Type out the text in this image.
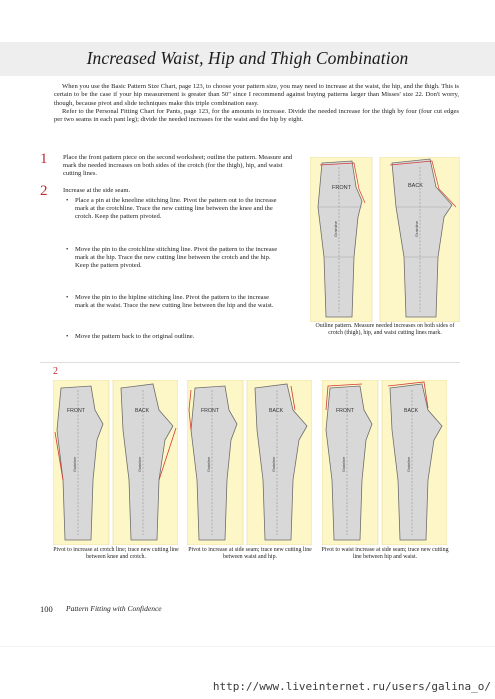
Increased Waist, Hip and Thigh Combination

When you use the Basic Pattern Size Chart, page 123, to choose your pattern size, you may need to increase at the waist, the hip, and the thigh. This is certain to be the case if your hip measurement is greater than 50" since I recommend against buying patterns larger than Misses' size 22. Don't worry, though, because pivot and slide techniques make this triple combination easy.

Refer to the Personal Fitting Chart for Pants, page 123, for the amounts to increase. Divide the needed increase for the thigh by four (four cut edges per two seams in each pant leg); divide the needed increases for the waist and the hip by eight.

1 Place the front pattern piece on the second worksheet; outline the pattern. Measure and mark the needed increases on both sides of the crotch (for the thigh), hip, and waist cutting lines.
2 Increase at the side seam.
• Place a pin at the kneeline stitching line. Pivot the pattern out to the increase mark at the crotchline. Trace the new cutting line between the knee and the crotch. Keep the pattern pivoted.
• Move the pin to the crotchline stitching line. Pivot the pattern to the increase mark at the hip. Trace the new cutting line between the crotch and the hip. Keep the pattern pivoted.
• Move the pin to the hipline stitching line. Pivot the pattern to the increase mark at the waist. Trace the new cutting line between the hip and the waist.
• Move the pattern back to the original outline.
FRONT
Grainline
BACK
Grainline
Outline pattern. Measure needed increases on both sides of crotch (thigh), hip, and waist cutting lines mark.
2
FRONT
Grainline
BACK
Grainline
Pivot to increase at crotch line; trace new cutting line between knee and crotch.
FRONT
Grainline
BACK
Grainline
Pivot to increase at side seam; trace new cutting line between waist and hip.
FRONT
Grainline
BACK
Grainline
Pivot to waist increase at side seam; trace new cutting line between hip and waist.
100 Pattern Fitting with Confidence
http://www.liveinternet.ru/users/galina_o/
